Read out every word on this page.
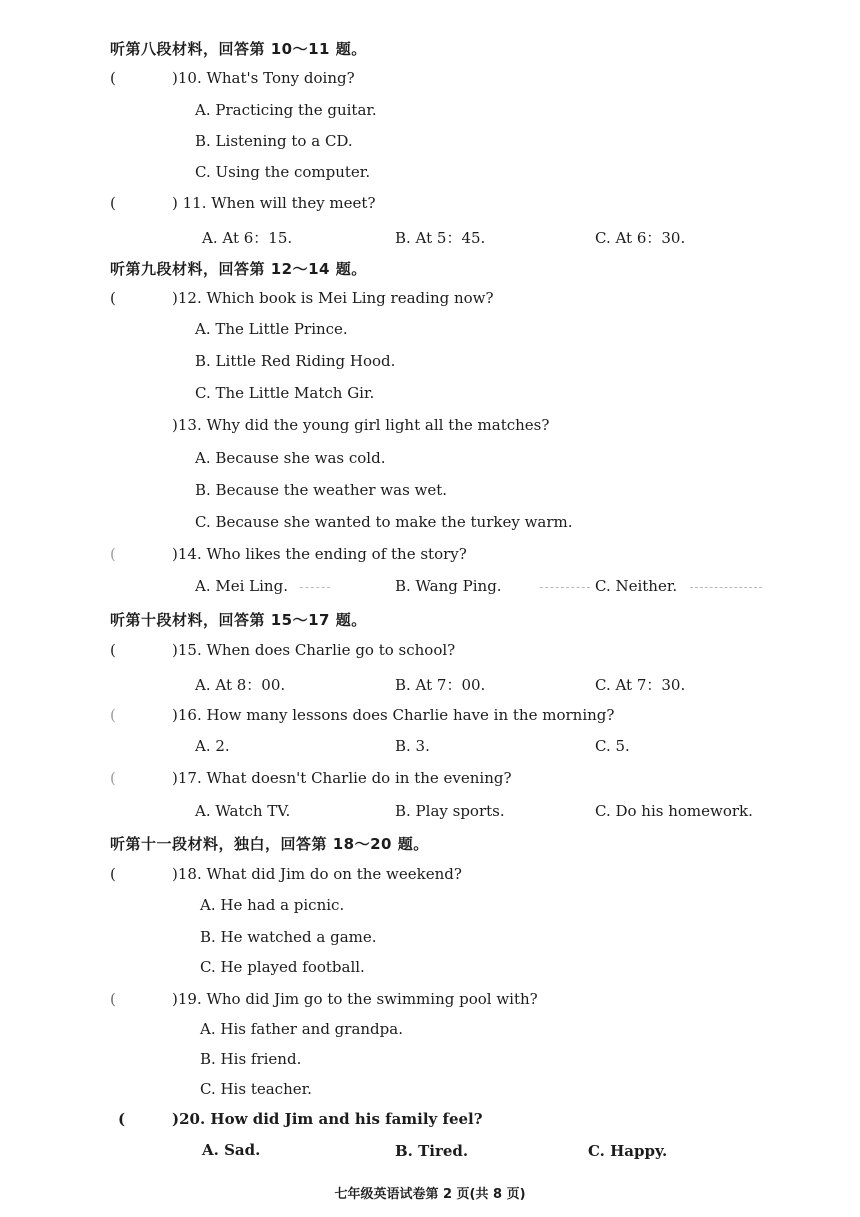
听第八段材料，回答第 10～11 题。
(	)10. What's Tony doing?
A. Practicing the guitar.
B. Listening to a CD.
C. Using the computer.
(	) 11. When will they meet?
A. At 6：15.	B. At 5：45.	C. At 6：30.
听第九段材料，回答第 12～14 题。
(	)12. Which book is Mei Ling reading now?
A. The Little Prince.
B. Little Red Riding Hood.
C. The Little Match Gir.
)13. Why did the young girl light all the matches?
A. Because she was cold.
B. Because the weather was wet.
C. Because she wanted to make the turkey warm.
(	)14. Who likes the ending of the story?
A. Mei Ling.	B. Wang Ping.	C. Neither.
听第十段材料，回答第 15～17 题。
(	)15. When does Charlie go to school?
A. At 8：00.	B. At 7：00.	C. At 7：30.
(	)16. How many lessons does Charlie have in the morning?
A. 2.	B. 3.	C. 5.
(	)17. What doesn't Charlie do in the evening?
A. Watch TV.	B. Play sports.	C. Do his homework.
听第十一段材料，独白，回答第 18～20 题。
(	)18. What did Jim do on the weekend?
A. He had a picnic.
B. He watched a game.
C. He played football.
(	)19. Who did Jim go to the swimming pool with?
A. His father and grandpa.
B. His friend.
C. His teacher.
(	)20. How did Jim and his family feel?
A. Sad.	B. Tired.	C. Happy.
七年级英语试卷第 2 页(共 8 页)
